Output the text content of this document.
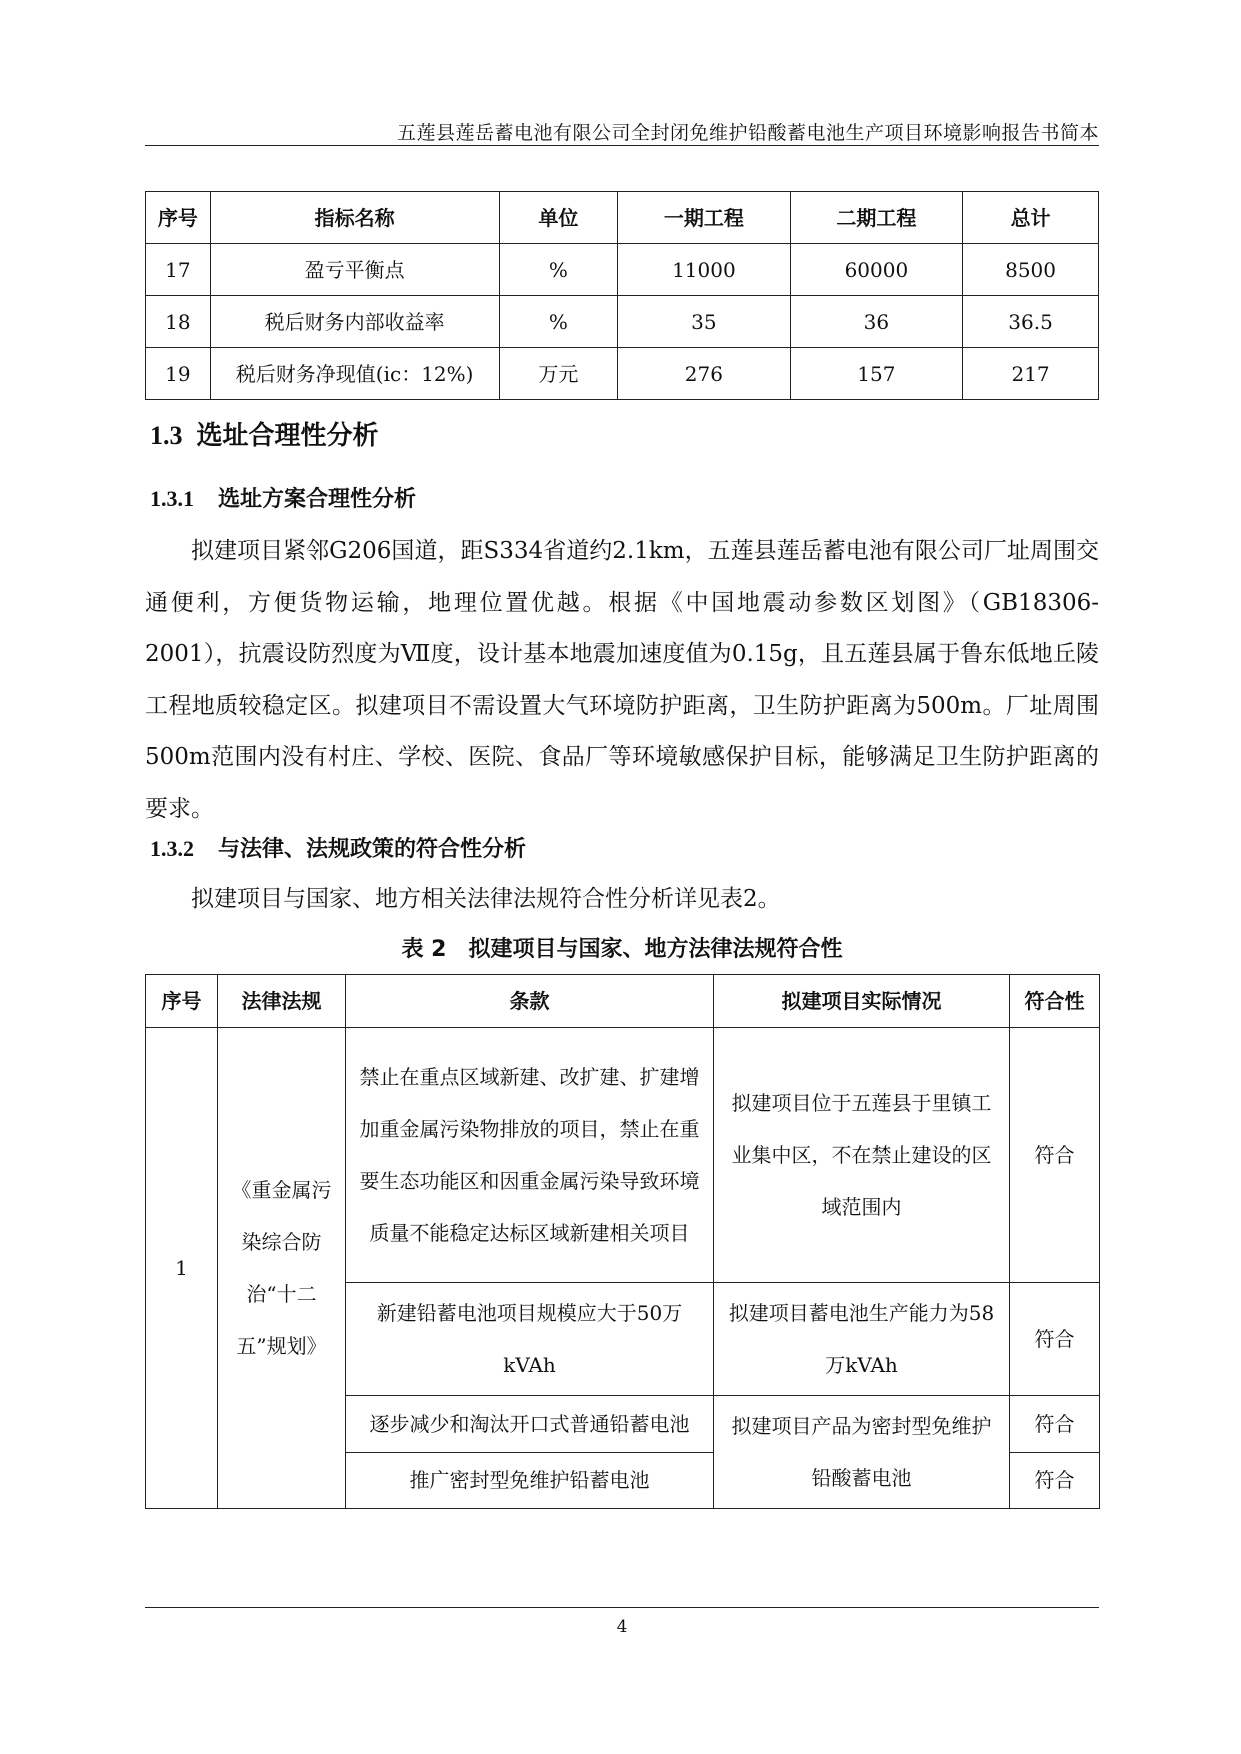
五莲县莲岳蓄电池有限公司全封闭免维护铅酸蓄电池生产项目环境影响报告书简本
序号	指标名称	单位	一期工程	二期工程	总计
17	盈亏平衡点	%	11000	60000	8500
18	税后财务内部收益率	%	35	36	36.5
19	税后财务净现值(ic：12%)	万元	276	157	217
1.3 选址合理性分析
1.3.1 选址方案合理性分析
拟建项目紧邻G206国道，距S334省道约2.1km，五莲县莲岳蓄电池有限公司厂址周围交通便利，方便货物运输，地理位置优越。根据《中国地震动参数区划图》（GB18306-2001），抗震设防烈度为Ⅶ度，设计基本地震加速度值为0.15g，且五莲县属于鲁东低地丘陵工程地质较稳定区。拟建项目不需设置大气环境防护距离，卫生防护距离为500m。厂址周围500m范围内没有村庄、学校、医院、食品厂等环境敏感保护目标，能够满足卫生防护距离的要求。
1.3.2 与法律、法规政策的符合性分析
拟建项目与国家、地方相关法律法规符合性分析详见表2。
表 2　拟建项目与国家、地方法律法规符合性
序号	法律法规	条款	拟建项目实际情况	符合性
1	《重金属污染综合防治“十二五”规划》	禁止在重点区域新建、改扩建、扩建增加重金属污染物排放的项目，禁止在重要生态功能区和因重金属污染导致环境质量不能稳定达标区域新建相关项目	拟建项目位于五莲县于里镇工业集中区，不在禁止建设的区域范围内	符合
		新建铅蓄电池项目规模应大于50万kVAh	拟建项目蓄电池生产能力为58万kVAh	符合
		逐步减少和淘汰开口式普通铅蓄电池	拟建项目产品为密封型免维护铅酸蓄电池	符合
		推广密封型免维护铅蓄电池		符合
4
